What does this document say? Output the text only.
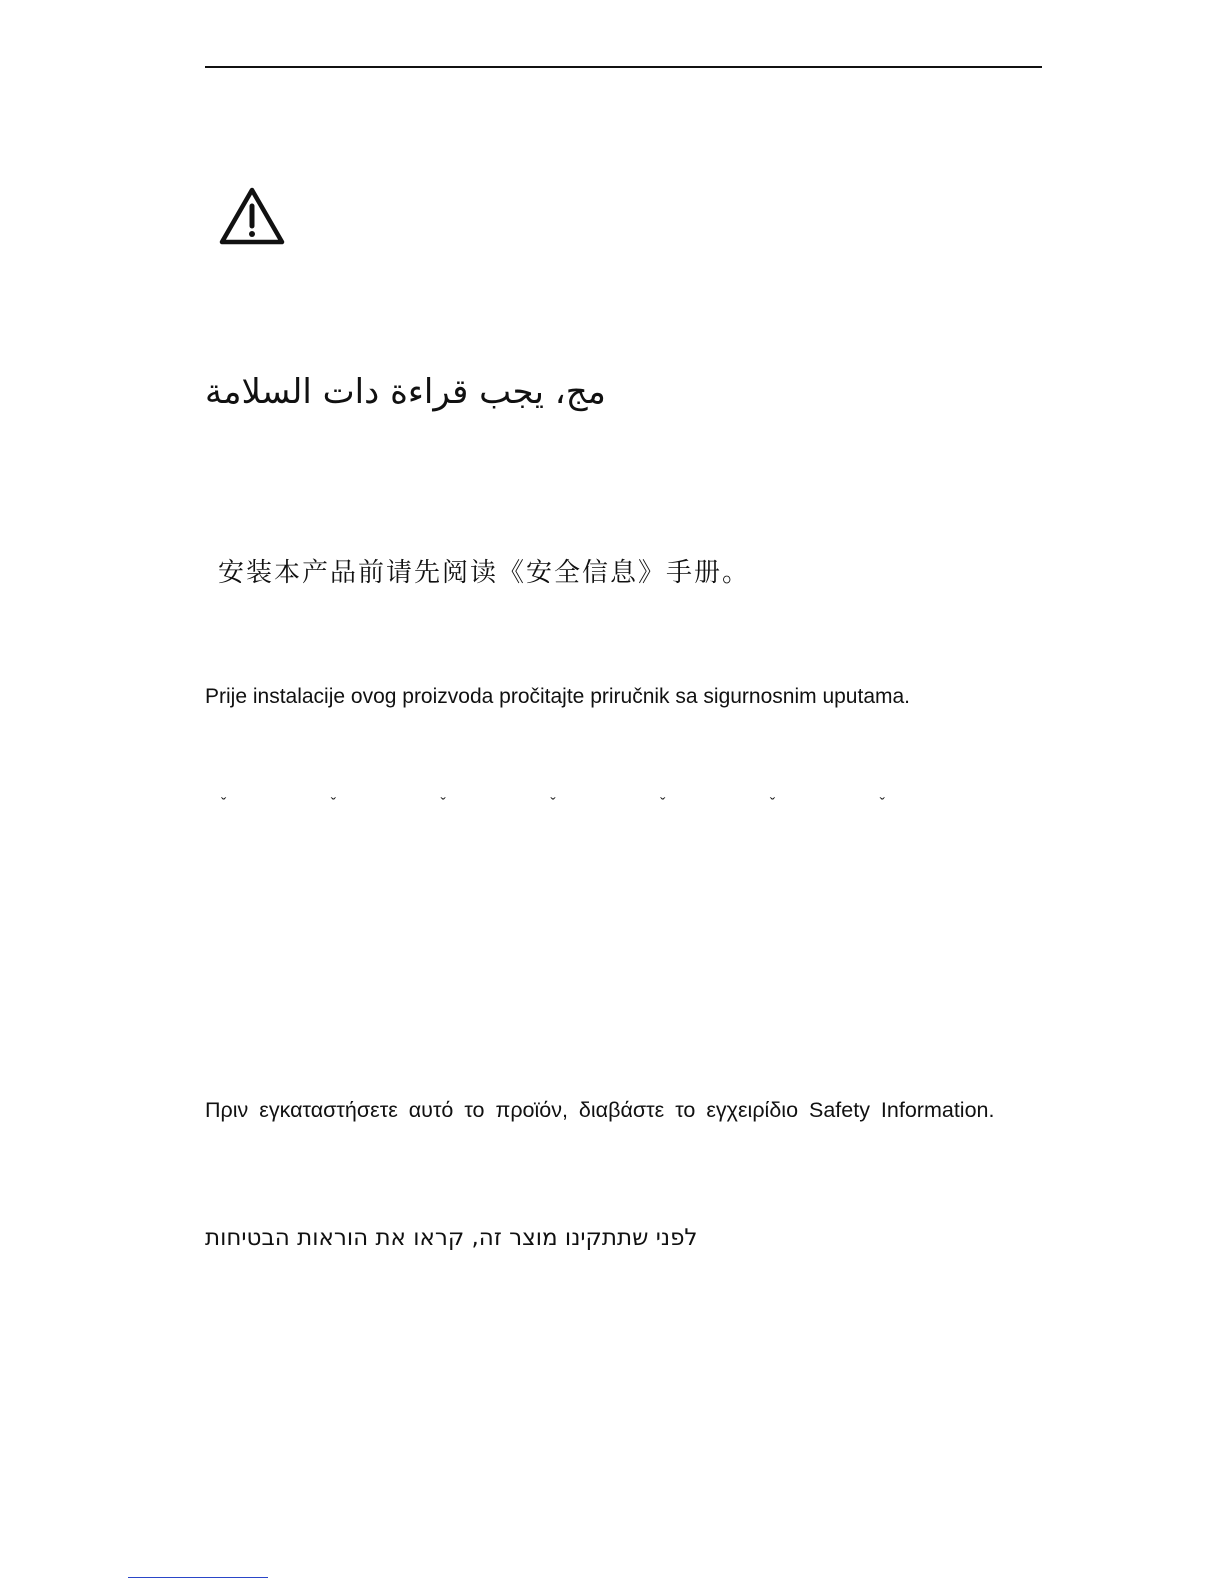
مج، يجب قراءة دات السلامة
安装本产品前请先阅读《安全信息》手册。
Prije instalacije ovog proizvoda pročitajte priručnik sa sigurnosnim uputama.
ˇ ˇ ˇ ˇ ˇ ˇ ˇ
Πριν εγκαταστήσετε αυτό το προϊόν, διαβάστε το εγχειρίδιο Safety Information.
לפני שתתקינו מוצר זה, קראו את הוראות הבטיחות
